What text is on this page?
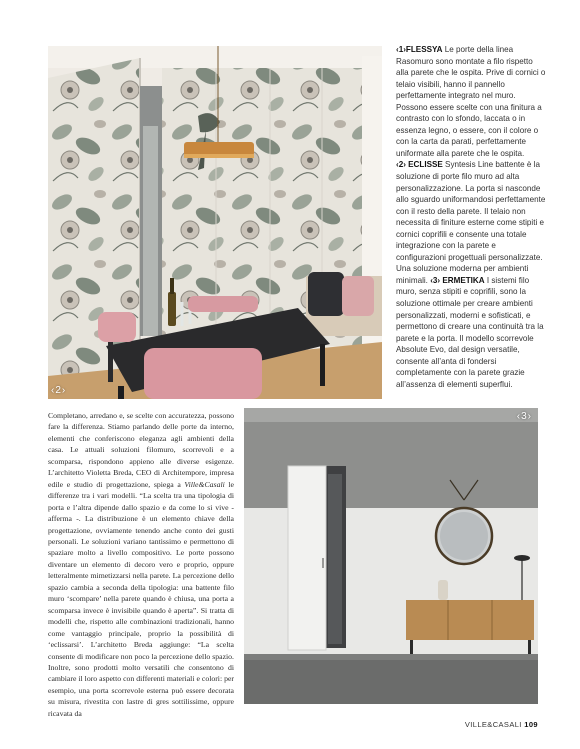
‹2›

‹1›FLESSYA Le porte della linea Rasomuro sono montate a filo rispetto alla parete che le ospita. Prive di cornici o telaio visibili, hanno il pannello perfettamente integrato nel muro. Possono essere scelte con una finitura a contrasto con lo sfondo, laccata o in essenza legno, o essere, con il colore o con la carta da parati, perfettamente uniformate alla parete che le ospita.

‹2› ECLISSE Syntesis Line battente è la soluzione di porte filo muro ad alta personalizzazione. La porta si nasconde allo sguardo uniformandosi perfettamente con il resto della parete. Il telaio non necessita di finiture esterne come stipiti e cornici coprifili e consente una totale integrazione con la parete e configurazioni progettuali personalizzate. Una soluzione moderna per ambienti minimali. ‹3› ERMETIKA I sistemi filo muro, senza stipiti e coprifili, sono la soluzione ottimale per creare ambienti personalizzati, moderni e sofisticati, e permettono di creare una continuità tra la parete e la porta. Il modello scorrevole Absolute Evo, dal design versatile, consente all’anta di fondersi completamente con la parete grazie all’assenza di elementi superflui.

Completano, arredano e, se scelte con accuratezza, possono fare la differenza. Stiamo parlando delle porte da interno, elementi che conferiscono eleganza agli ambienti della casa. Le attuali soluzioni filomuro, scorrevoli e a scomparsa, rispondono appieno alle diverse esigenze. L’architetto Violetta Breda, CEO di Architempore, impresa edile e studio di progettazione, spiega a Ville&Casali le differenze tra i vari modelli. “La scelta tra una tipologia di porta e l’altra dipende dallo spazio e da come lo si vive - afferma -. La distribuzione è un elemento chiave della progettazione, ovviamente tenendo anche conto dei gusti personali. Le soluzioni variano tantissimo e permettono di spaziare molto a livello compositivo. Le porte possono diventare un elemento di decoro vero e proprio, oppure letteralmente mimetizzarsi nella parete. La percezione dello spazio cambia a seconda della tipologia: una battente filo muro ‘scompare’ nella parete quando è chiusa, una porta a scomparsa invece è invisibile quando è aperta”. Si tratta di modelli che, rispetto alle combinazioni tradizionali, hanno come vantaggio principale, proprio la possibilità di ‘eclissarsi’. L’architetto Breda aggiunge: “La scelta consente di modificare non poco la percezione dello spazio. Inoltre, sono prodotti molto versatili che consentono di cambiare il loro aspetto con differenti materiali e colori: per esempio, una porta scorrevole esterna può essere decorata su misura, rivestita con lastre di gres sottilissime, oppure ricavata da

‹3›
VILLE&CASALI 109
